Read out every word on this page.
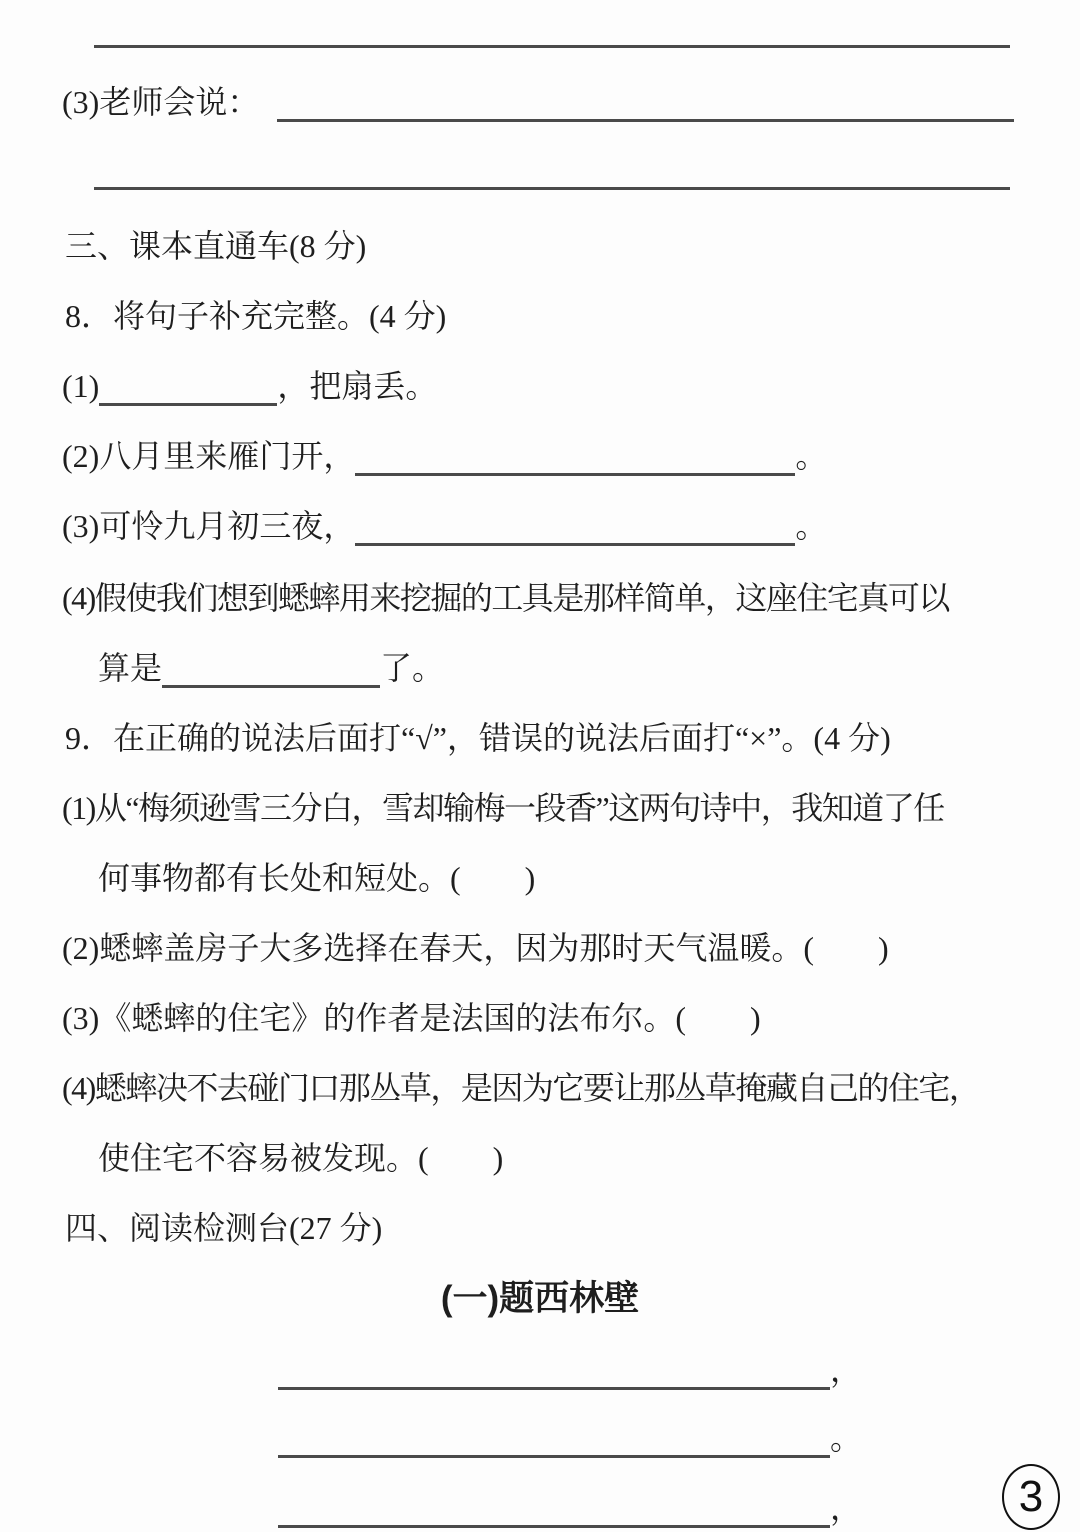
(3)老师会说：
三、课本直通车(8 分)
8．将句子补充完整。(4 分)
(1)	，把扇丢。
(2)八月里来雁门开，	。
(3)可怜九月初三夜，	。
(4)假使我们想到蟋蟀用来挖掘的工具是那样简单，这座住宅真可以
算是	了。
9．在正确的说法后面打“√”，错误的说法后面打“×”。(4 分)
(1)从“梅须逊雪三分白，雪却输梅一段香”这两句诗中，我知道了任
何事物都有长处和短处。 (　　)
(2)蟋蟀盖房子大多选择在春天，因为那时天气温暖。 (　　)
(3)《蟋蟀的住宅》的作者是法国的法布尔。 (　　)
(4)蟋蟀决不去碰门口那丛草，是因为它要让那丛草掩藏自己的住宅，
使住宅不容易被发现。 (　　)
四、阅读检测台(27 分)
(一)题西林壁
，
。
，	3
